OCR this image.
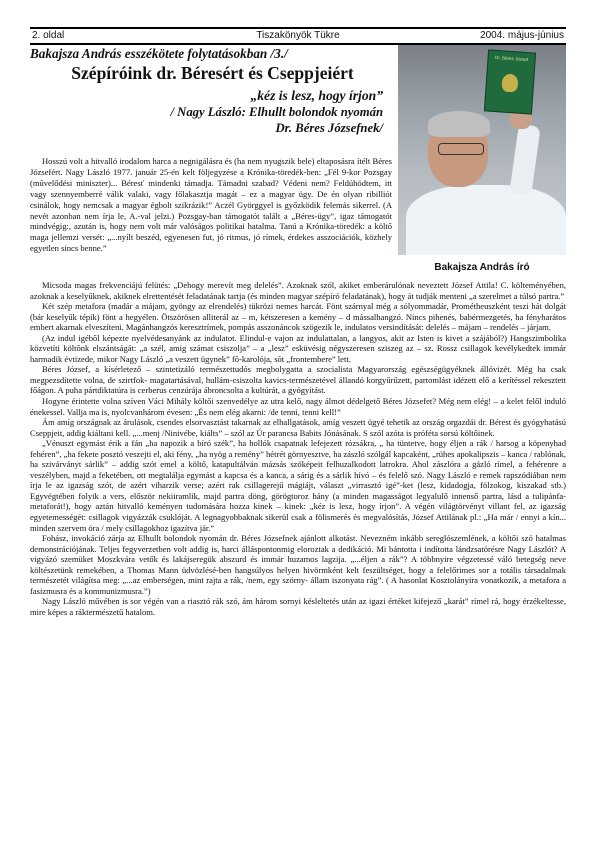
2. oldal	Tiszakönyök Tükre	2004. május-június
Bakajsza András esszékötete folytatásokban /3./
Szépíróink dr. Béresért és Cseppjeiért
„kéz is lesz, hogy írjon”
/ Nagy László: Elhullt bolondok nyomán
Dr. Béres Józsefnek/
Dr. Béres József
Bakajsza András író

Hosszú volt a hitvalló irodalom harca a negnigálásra és (ha nem nyugszik bele) eltaposásra ítélt Béres Józsefért. Nagy László 1977. január 25-én kelt följegyzése a Krónika-töredék-ben: „Fél 9-kor Pozsgay (művelődési miniszter)... Béresť mindenki támadja. Támadni szabad? Védeni nem? Feldúhódtem, itt vagy szennyemberré válik valaki, vagy főlakasztja magát – ez a magyar ügy. De én olyan ribilliót csinálok, hogy nemcsak a magyar égbolt szikrázik!” Aczél Györggyel is győzködik felemás sikerrel. (A nevét azonban nem írja le, A.-val jelzi.) Pozsgay-ban támogatót talált a „Béres-ügy”, igaz támogatót mindvégig:, azután is, hogy nem volt már valóságos politikai hatalma. Tanú a Krónika-töredék: a költő maga jellemzi versét: „...nyílt beszéd, egyenesen fut, jó ritmus, jó rímek, érdekes asszociációk, közhely egyetlen sincs benne.”

Micsoda magas frekvenciájú felütés: „Dehogy merevít meg delelés”. Azoknak szól, akiket emberárulónak neveztett József Attila! C. költeményében, azoknak a keselyűknek, akiknek elrettentését feladatának tartja (és minden magyar szépíró feladatának), hogy át tudják menteni „a szerelmet a túlsó partra.”

Két szép metafora (madár a májam, gyöngy az elrendelés) tükrözi nemes harcát. Fönt szárnyal még a sólyommadár, Prométheuszként teszi hát dolgát (bár keselyűk tépik) fönt a hegyélen. Ötszörösen alliterál az – m, kétszeresen a kemény – d mássalhangzó. Nincs pihenés, babérmezgetés, ha fényharátos embert akarnak elveszíteni. Magánhangzós keresztrímek, pompás asszonáncok szögezik le, indulatos versindítását: delelés – májam – rendelés – járjam.

(Az indul igébõl képezte nyelvédesanyánk az indulatot. Elindul-e vajon az indulattalan, a langyos, akit az Isten is kivet a szájából?) Hangszimbolika közvetíti költõnk elszántságát: „a szél, amig számat csiszolja” – a „lesz” esküvésig négyszeresen sziszeg az – sz. Rossz csillagok kevélykedtek immár harmadik évtizede, mikor Nagy László „a veszett ügynek” fõ-karolója, sõt „frontembere” lett.

Béres József, a kísérletező – szintetizáló természettudós megbolygatta a szocialista Magyarország egészségügyéknek állóvizét. Még ha csak megpezsdítette volna, de szirtfok- magatartásával, hullám-csiszolta kavics-természetével állandó korgyűrűzett, partomlást idézett elő a kerítéssel rekesztett főágon. A puha pártdiktatúra is cerberus cenzúrája ábroncsolta a kultúrát, a gyógyítást.

Hogyne érintette volna szíven Váci Mihály költői szenvedélye az utra kelő, nagy álmot dédelgető Béres Józsefet? Még nem elég! – a kelet felől induló énekessel. Vallja ma is, nyolcvanhárom évesen: „És nem elég akarni: /de tenni, tenni kell!”

Ám amíg országnak az árulások, csendes elsorvasztást takarnak az elhallgatások, amíg veszett ügyé tehetik az ország orgazdái dr. Bérest és gyógyhatású Cseppjeit, addig kiáltani kell. „...menj /Ninivébe, kiálts” – szól az Úr parancsa Babits Jónásának. S szól azóta is próféta sorsú költőinek.

„Vénuszt egymást érik a fán „ha napozik a bíró szék”, ha hollók csapatnak lefejezett rózsákra, „ ha tüntetve, hogy éljen a rák / harsog a köpenyhad fehéren”, „ha fekete posztó veszejti el, aki fény, „ha nyög a remény” hétrét görnyesztve, ha zászló szólgál kapcaként, „rühes apokalipszis – kanca / rablónak, ha szivárványt sárlik” – addig szót emel a költő, katapultálván mázsás szóképeit felhuzalkodott latrokra. Ahol zászlóra a gázló rímel, a fehérenre a veszélyben, majd a feketében, ott megtalálja egymást a kapcsa és a kanca, a sárig és a sárlik hívó – és felelő szó. Nagy László e remek rapszódiában nem írja le az igazság szót, de azért viharzik verse; azért rak csillagerejű mágiájt, választ „virrasztó igé”-ket (lesz, kidadogja, fölzokog, kiszakad stb.) Egyvégtében folyik a vers, először nekiiramlik, majd partra döng, görögtoroz hány (a minden magasságot legyalulő innenső partra, lásd a tulipánfa-metaforát!), hogy aztán hitvalló keményen tudomására hozza kinek – kinek: „kéz is lesz, hogy írjon”. A végén világtörvényt villant fel, az igazság egyetemességét: csillagok vigyázzák csuklóját. A legnagyobbaknak sikerül csak a fölismerés és megvalósítás, József Attilának pl.: „Ha már / ennyi a kín... minden szervem óra / mely csillagokhoz igazítva jár.”

Fohász, invokáció zárja az Elhullt bolondok nyomán dr. Béres Józsefnek ajánlott alkotást. Nevezném inkább sereglószemlének, a költői szó hatalmas demonstrációjának. Teljes fegyverzetben volt addig is, harci álláspontonmig eloroztak a dedikáció. Mi bántotta i indította lándzsatörésre Nagy Lászlót? A vigyázó szemüket Moszkvára vetők és lakájseregük abszurd és immár huzamos lagzija. „...éljen a rák”? A többnyire végzetessé váló betegség neve költészetünk remekében, a Thomas Mann üdvözlésé-ben hangsúlyos helyen hivörmként kelt feszültséget, hogy a felelőrimes sor a totális társadalmak természetét világítsa meg: „...az emberségen, mint rajta a rák, /nem, egy szörny- állam iszonyata rág”. ( A hasonlat Kosztolányira vonatkozik, a metafora a fasizmusra és a kommunizmusra.”)

Nagy László művében is sor végén van a riasztó rák szó, ám három sornyi késleltetés után az igazi értéket kifejező „karát” rímel rá, hogy érzékeltesse, mire képes a ráktermészetű hatalom.
